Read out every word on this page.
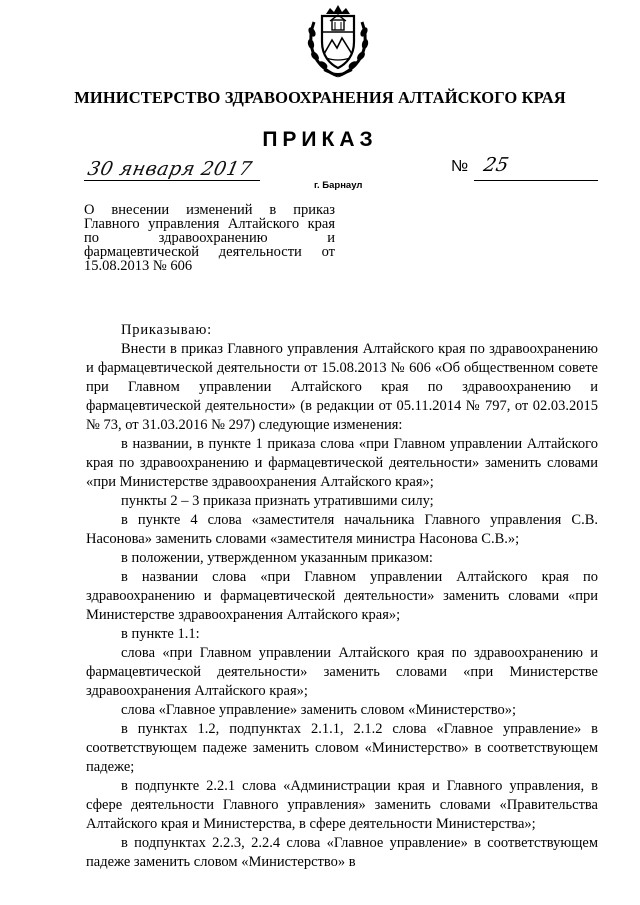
МИНИСТЕРСТВО ЗДРАВООХРАНЕНИЯ АЛТАЙСКОГО КРАЯ
ПРИКАЗ
30 января 2017	№ 25
г. Барнаул
О внесении изменений в приказ Главного управления Алтайского края по здравоохранению и фармацевтической деятельности от 15.08.2013 № 606

Приказываю:

Внести в приказ Главного управления Алтайского края по здравоохранению и фармацевтической деятельности от 15.08.2013 № 606 «Об общественном совете при Главном управлении Алтайского края по здравоохранению и фармацевтической деятельности» (в редакции от 05.11.2014 № 797, от 02.03.2015 № 73, от 31.03.2016 № 297) следующие изменения:

в названии, в пункте 1 приказа слова «при Главном управлении Алтайского края по здравоохранению и фармацевтической деятельности» заменить словами «при Министерстве здравоохранения Алтайского края»;

пункты 2 – 3 приказа признать утратившими силу;

в пункте 4 слова «заместителя начальника Главного управления С.В. Насонова» заменить словами «заместителя министра Насонова С.В.»;

в положении, утвержденном указанным приказом:

в названии слова «при Главном управлении Алтайского края по здравоохранению и фармацевтической деятельности» заменить словами «при Министерстве здравоохранения Алтайского края»;

в пункте 1.1:

слова «при Главном управлении Алтайского края по здравоохранению и фармацевтической деятельности» заменить словами «при Министерстве здравоохранения Алтайского края»;

слова «Главное управление» заменить словом «Министерство»;

в пунктах 1.2, подпунктах 2.1.1, 2.1.2 слова «Главное управление» в соответствующем падеже заменить словом «Министерство» в соответствующем падеже;

в подпункте 2.2.1 слова «Администрации края и Главного управления, в сфере деятельности Главного управления» заменить словами «Правительства Алтайского края и Министерства, в сфере деятельности Министерства»;

в подпунктах 2.2.3, 2.2.4 слова «Главное управление» в соответствующем падеже заменить словом «Министерство» в
